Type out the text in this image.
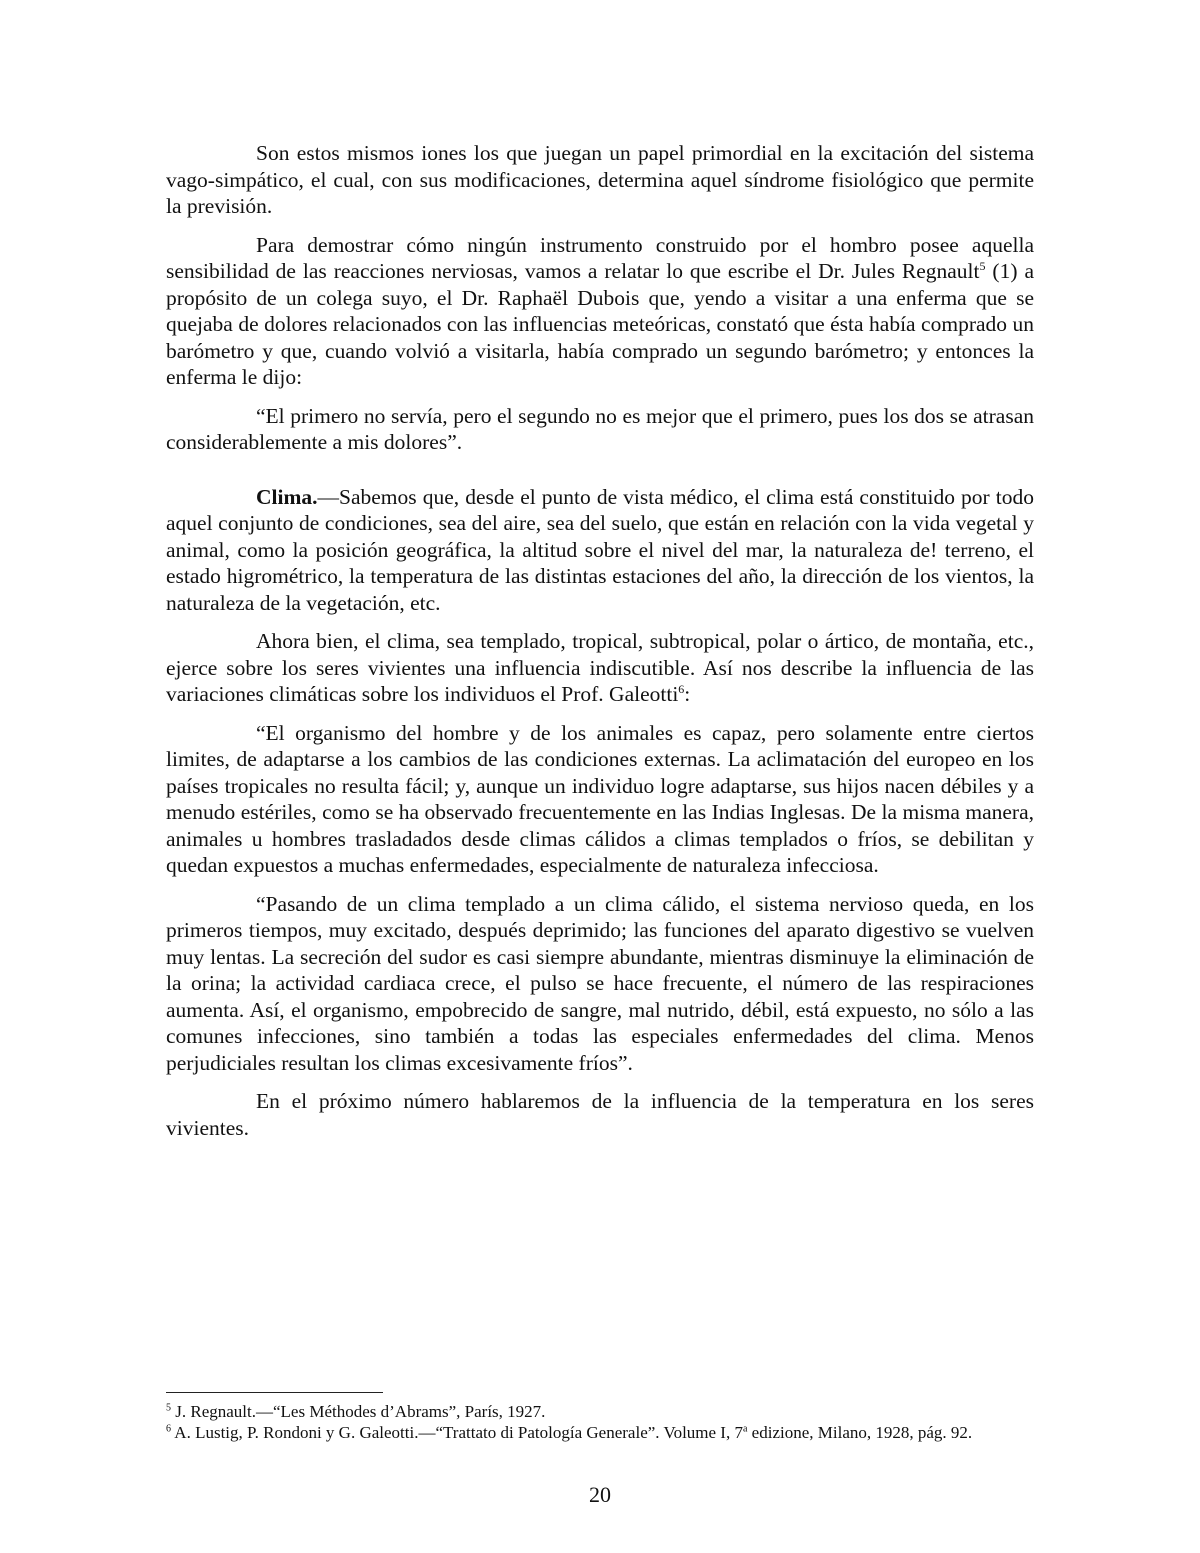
Son estos mismos iones los que juegan un papel primordial en la excitación del sistema vago-simpático, el cual, con sus modificaciones, determina aquel síndrome fisiológico que permite la previsión.

Para demostrar cómo ningún instrumento construido por el hombro posee aquella sensibilidad de las reacciones nerviosas, vamos a relatar lo que escribe el Dr. Jules Regnault$^5$ (1) a propósito de un colega suyo, el Dr. Raphaël Dubois que, yendo a visitar a una enferma que se quejaba de dolores relacionados con las influencias meteóricas, constató que ésta había comprado un barómetro y que, cuando volvió a visitarla, había comprado un segundo barómetro; y entonces la enferma le dijo:

“El primero no servía, pero el segundo no es mejor que el primero, pues los dos se atrasan considerablemente a mis dolores”.

Clima.—Sabemos que, desde el punto de vista médico, el clima está constituido por todo aquel conjunto de condiciones, sea del aire, sea del suelo, que están en relación con la vida vegetal y animal, como la posición geográfica, la altitud sobre el nivel del mar, la naturaleza de! terreno, el estado higrométrico, la temperatura de las distintas estaciones del año, la dirección de los vientos, la naturaleza de la vegetación, etc.

Ahora bien, el clima, sea templado, tropical, subtropical, polar o ártico, de montaña, etc., ejerce sobre los seres vivientes una influencia indiscutible. Así nos describe la influencia de las variaciones climáticas sobre los individuos el Prof. Galeotti$^6$:

“El organismo del hombre y de los animales es capaz, pero solamente entre ciertos limites, de adaptarse a los cambios de las condiciones externas. La aclimatación del europeo en los países tropicales no resulta fácil; y, aunque un individuo logre adaptarse, sus hijos nacen débiles y a menudo estériles, como se ha observado frecuentemente en las Indias Inglesas. De la misma manera, animales u hombres trasladados desde climas cálidos a climas templados o fríos, se debilitan y quedan expuestos a muchas enfermedades, especialmente de naturaleza infecciosa.

“Pasando de un clima templado a un clima cálido, el sistema nervioso queda, en los primeros tiempos, muy excitado, después deprimido; las funciones del aparato digestivo se vuelven muy lentas. La secreción del sudor es casi siempre abundante, mientras disminuye la eliminación de la orina; la actividad cardiaca crece, el pulso se hace frecuente, el número de las respiraciones aumenta. Así, el organismo, empobrecido de sangre, mal nutrido, débil, está expuesto, no sólo a las comunes infecciones, sino también a todas las especiales enfermedades del clima. Menos perjudiciales resultan los climas excesivamente fríos”.

En el próximo número hablaremos de la influencia de la temperatura en los seres vivientes.

$^5$ J. Regnault.—“Les Méthodes d’Abrams”, París, 1927.

$^6$ A. Lustig, P. Rondoni y G. Galeotti.—“Trattato di Patología Generale”. Volume I, 7$^a$ edizione, Milano, 1928, pág. 92.

20
